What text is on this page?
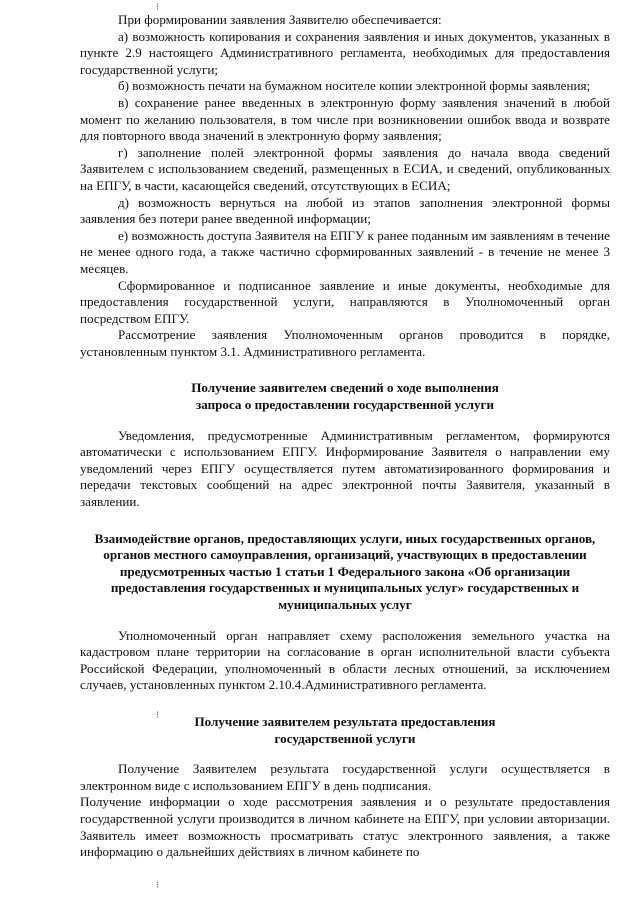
При формировании заявления Заявителю обеспечивается:

а) возможность копирования и сохранения заявления и иных документов, указанных в пункте 2.9 настоящего Административного регламента, необходимых для предоставления государственной услуги;

б) возможность печати на бумажном носителе копии электронной формы заявления;

в) сохранение ранее введенных в электронную форму заявления значений в любой момент по желанию пользователя, в том числе при возникновении ошибок ввода и возврате для повторного ввода значений в электронную форму заявления;

г) заполнение полей электронной формы заявления до начала ввода сведений Заявителем с использованием сведений, размещенных в ЕСИА, и сведений, опубликованных на ЕПГУ, в части, касающейся сведений, отсутствующих в ЕСИА;

д) возможность вернуться на любой из этапов заполнения электронной формы заявления без потери ранее введенной информации;

е) возможность доступа Заявителя на ЕПГУ к ранее поданным им заявлениям в течение не менее одного года, а также частично сформированных заявлений - в течение не менее 3 месяцев.

Сформированное и подписанное заявление и иные документы, необходимые для предоставления государственной услуги, направляются в Уполномоченный орган посредством ЕПГУ.

Рассмотрение заявления Уполномоченным органов проводится в порядке, установленным пунктом 3.1. Административного регламента.

Получение заявителем сведений о ходе выполнения

запроса о предоставлении государственной услуги

Уведомления, предусмотренные Административным регламентом, формируются автоматически с использованием ЕПГУ. Информирование Заявителя о направлении ему уведомлений через ЕПГУ осуществляется путем автоматизированного формирования и передачи текстовых сообщений на адрес электронной почты Заявителя, указанный в заявлении.

Взаимодействие органов, предоставляющих услуги, иных государственных органов, органов местного самоуправления, организаций, участвующих в предоставлении предусмотренных частью 1 статьи 1 Федерального закона «Об организации предоставления государственных и муниципальных услуг» государственных и муниципальных услуг

Уполномоченный орган направляет схему расположения земельного участка на кадастровом плане территории на согласование в орган исполнительной власти субъекта Российской Федерации, уполномоченный в области лесных отношений, за исключением случаев, установленных пунктом 2.10.4.Административного регламента.

Получение заявителем результата предоставления

государственной услуги

Получение Заявителем результата государственной услуги осуществляется в электронном виде с использованием ЕПГУ в день подписания.

Получение информации о ходе рассмотрения заявления и о результате предоставления государственной услуги производится в личном кабинете на ЕПГУ, при условии авторизации. Заявитель имеет возможность просматривать статус электронного заявления, а также информацию о дальнейших действиях в личном кабинете по

⁝
⁝
⁝
